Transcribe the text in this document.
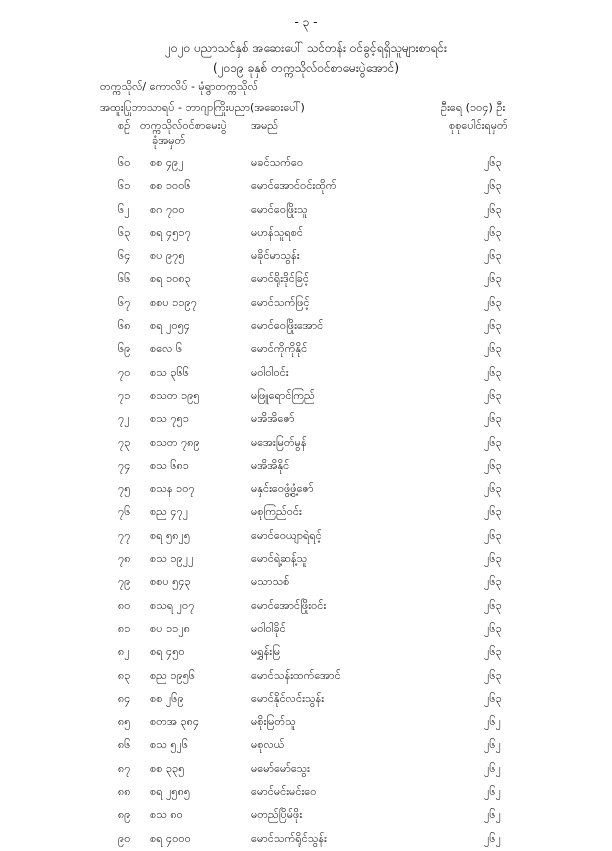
- ၃ -
၂၀၂၀ ပညာသင်နှစ် အဆေးပေါ် သင်တန်း ဝင်ခွင့်ရရှိသူများစာရင်း
(၂၀၁၉ ခုနှစ် တက္ကသိုလ်ဝင်စာမေးပွဲအောင်)
တက္ကသိုလ်/ ကောလိပ် - မုံရွာတက္ကသိုလ်
အထူးပြုဘာသာရပ် - ဘာဂျာကြိုးပညာ(အဆေးပေါ်)	ဦးရေ (၁၀၄) ဦး
စဉ် တက္ကသိုလ်ဝင်စာမေးပွဲ
ခုံအမှတ်
အမည်	စုစုပေါင်းရမှတ်
၆၀ စစ ၄၉၂	မခင်သက်ဝေ	၂၆၃
၆၁ စစ ၁၀၀၆	မောင်အောင်ဝင်းထိုက်	၂၆၃
၆၂ စဂ ၇၀၀	မောင်ဝေဖြိုးသူ	၂၆၃
၆၃ စရ ၄၅၁၇	မဟန်သူရစင်	၂၆၃
၆၄ စပ ၉၇၅	မခိုင်မာသွန်း	၂၆၃
၆၆ စရ ၁၀၈၃	မောင်ရိုးဒိုင်ခြင့်	၂၆၃
၆၇ စစပ ၁၁၉၇	မောင်သက်ဖြင့်	၂၆၃
၆၈ စရ ၂၀၅၄	မောင်ဝေဖြိုးအောင်	၂၆၃
၆၉ စလေ ၆	မောင်ကိုကိုနိုင်	၂၆၃
၇၀ စသ ၃၆၆	မဝါဝါဝင်း	၂၆၃
၇၁ စသတ ၁၉၅	မဖြူရောင်ကြည်	၂၆၃
၇၂ စသ ၇၅၁	မအိအိဇော်	၂၆၃
၇၃ စသတ ၇၈၉	မအေးမြတ်မွန်	၂၆၃
၇၄ စသ ၆၈၁	မအိအိနိုင်	၂၆၃
၇၅ စသန ၁၀၇	မနှင်းဝေဖွံ့ဖွံ့ဇော်	၂၆၃
၇၆ စည ၄၇၂	မစုကြည်ဝင်း	၂၆၃
၇၇ စရ ၅၈၂၅	မောင်ဝေယျာရဲရင့်	၂၆၃
၇၈ စသ ၁၉၂၂	မောင်ရဲ့ဆန့်သူ	၂၆၃
၇၉ စစပ ၅၄၃	မသာသစ်	၂၆၃
၈၀ စသရ ၂၀၇	မောင်အောင်ဖြိုးဝင်း	၂၆၃
၈၁ စပ ၁၁၂၈	မဝါဝါခိုင်	၂၆၃
၈၂ စရ ၄၅၀	မရွှန်းမြ	၂၆၃
၈၃ စည ၁၉၅၆	မောင်သန်းထက်အောင်	၂၆၃
၈၄ စစ ၂၆၉	မောင်နိုင်လင်းသွန်း	၂၆၃
၈၅ စတအ ၃၈၄	မစိုးမြတ်သူ	၂၆၂
၈၆ စသ ၅၂၆	မစုလယ်	၂၆၂
၈၇ စစ ၃၃၅	မမော်မော်သွေး	၂၆၂
၈၈ စရ ၂၅၈၅	မောင်မင်းမင်းဝေ	၂၆၂
၈၉ စသ ၈၀	မတည်ပြိမ်ဖိုး	၂၆၂
၉၀ စရ ၄၀၀၀	မောင်သက်ရိုင်သွန်း	၂၆၂
